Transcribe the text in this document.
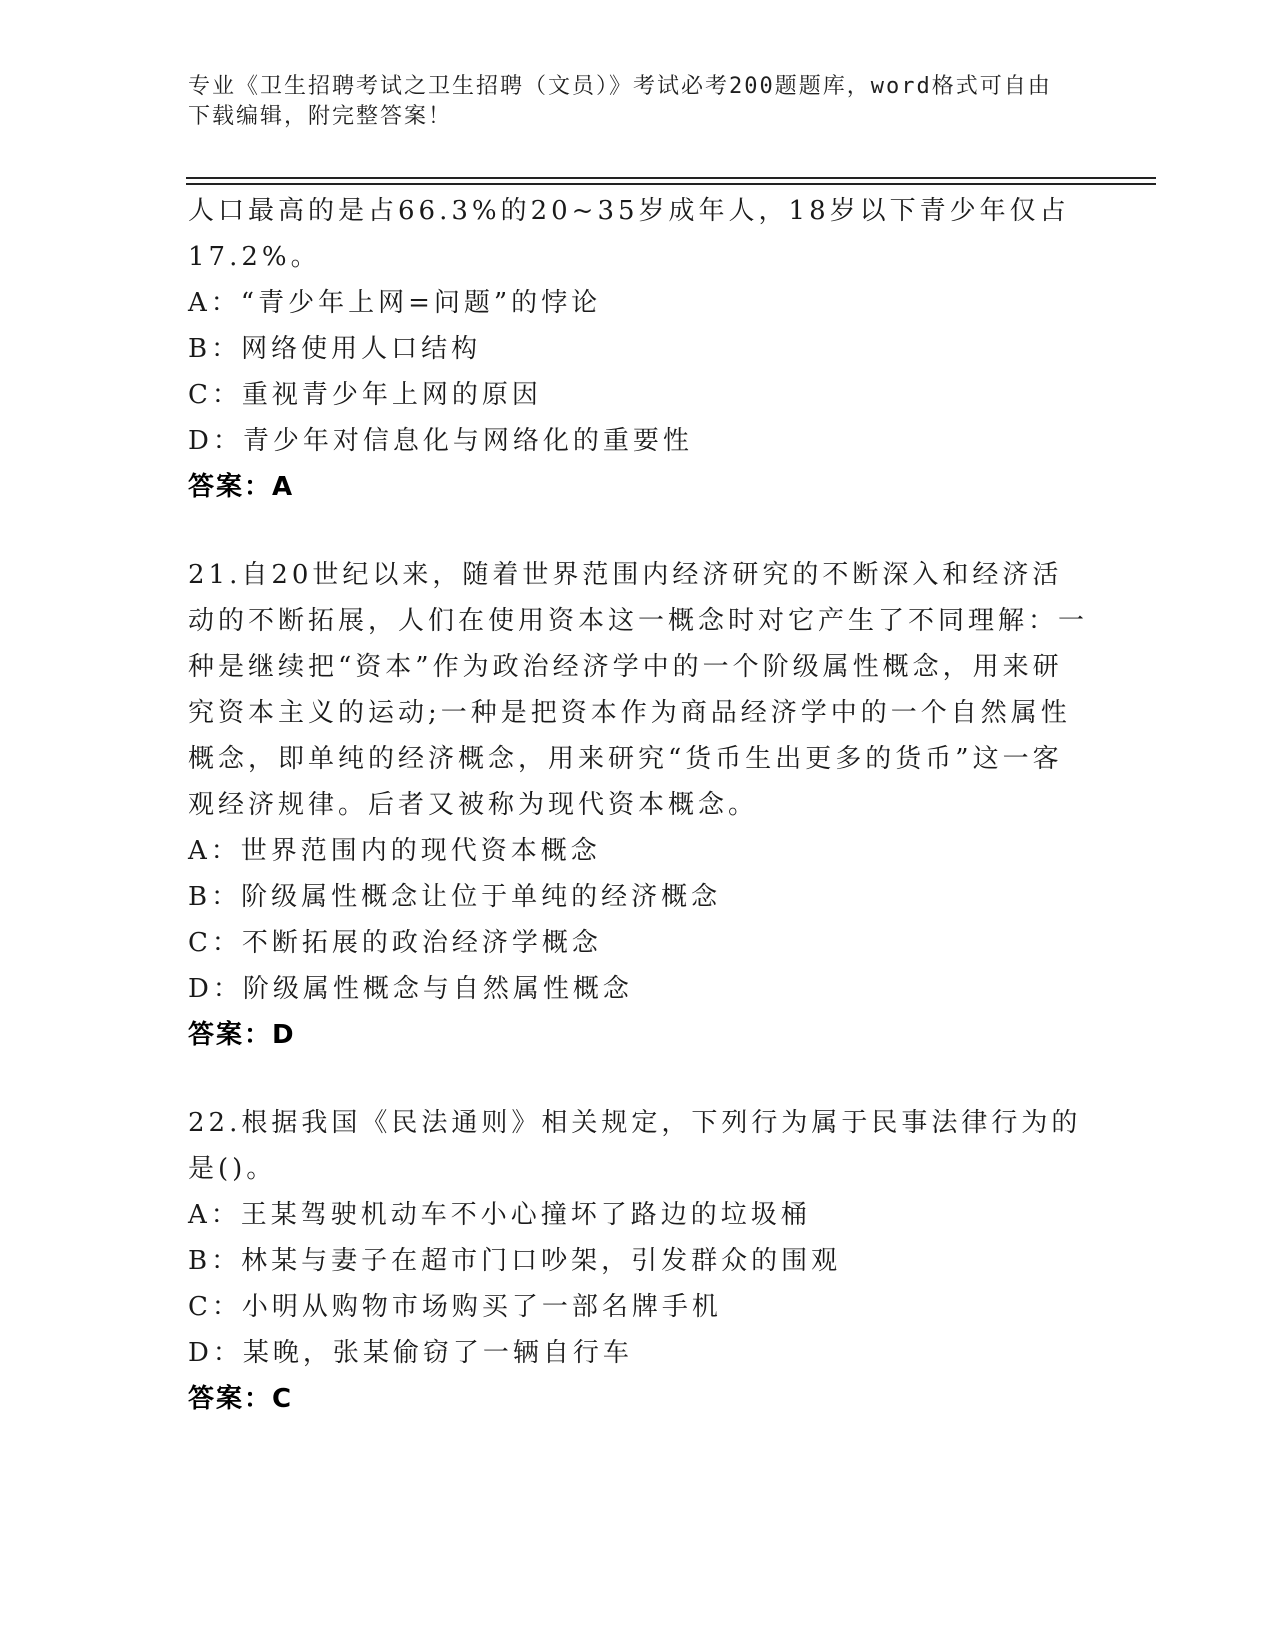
专业《卫生招聘考试之卫生招聘（文员）》考试必考200题题库，word格式可自由下载编辑，附完整答案！

人口最高的是占66.3%的20~35岁成年人，18岁以下青少年仅占17.2%。

A：“青少年上网=问题”的悖论

B：网络使用人口结构

C：重视青少年上网的原因

D：青少年对信息化与网络化的重要性

答案：A

21.自20世纪以来，随着世界范围内经济研究的不断深入和经济活动的不断拓展，人们在使用资本这一概念时对它产生了不同理解：一种是继续把“资本”作为政治经济学中的一个阶级属性概念，用来研究资本主义的运动;一种是把资本作为商品经济学中的一个自然属性概念，即单纯的经济概念，用来研究“货币生出更多的货币”这一客观经济规律。后者又被称为现代资本概念。

A：世界范围内的现代资本概念

B：阶级属性概念让位于单纯的经济概念

C：不断拓展的政治经济学概念

D：阶级属性概念与自然属性概念

答案：D

22.根据我国《民法通则》相关规定，下列行为属于民事法律行为的是()。

A：王某驾驶机动车不小心撞坏了路边的垃圾桶

B：林某与妻子在超市门口吵架，引发群众的围观

C：小明从购物市场购买了一部名牌手机

D：某晚，张某偷窃了一辆自行车

答案：C
